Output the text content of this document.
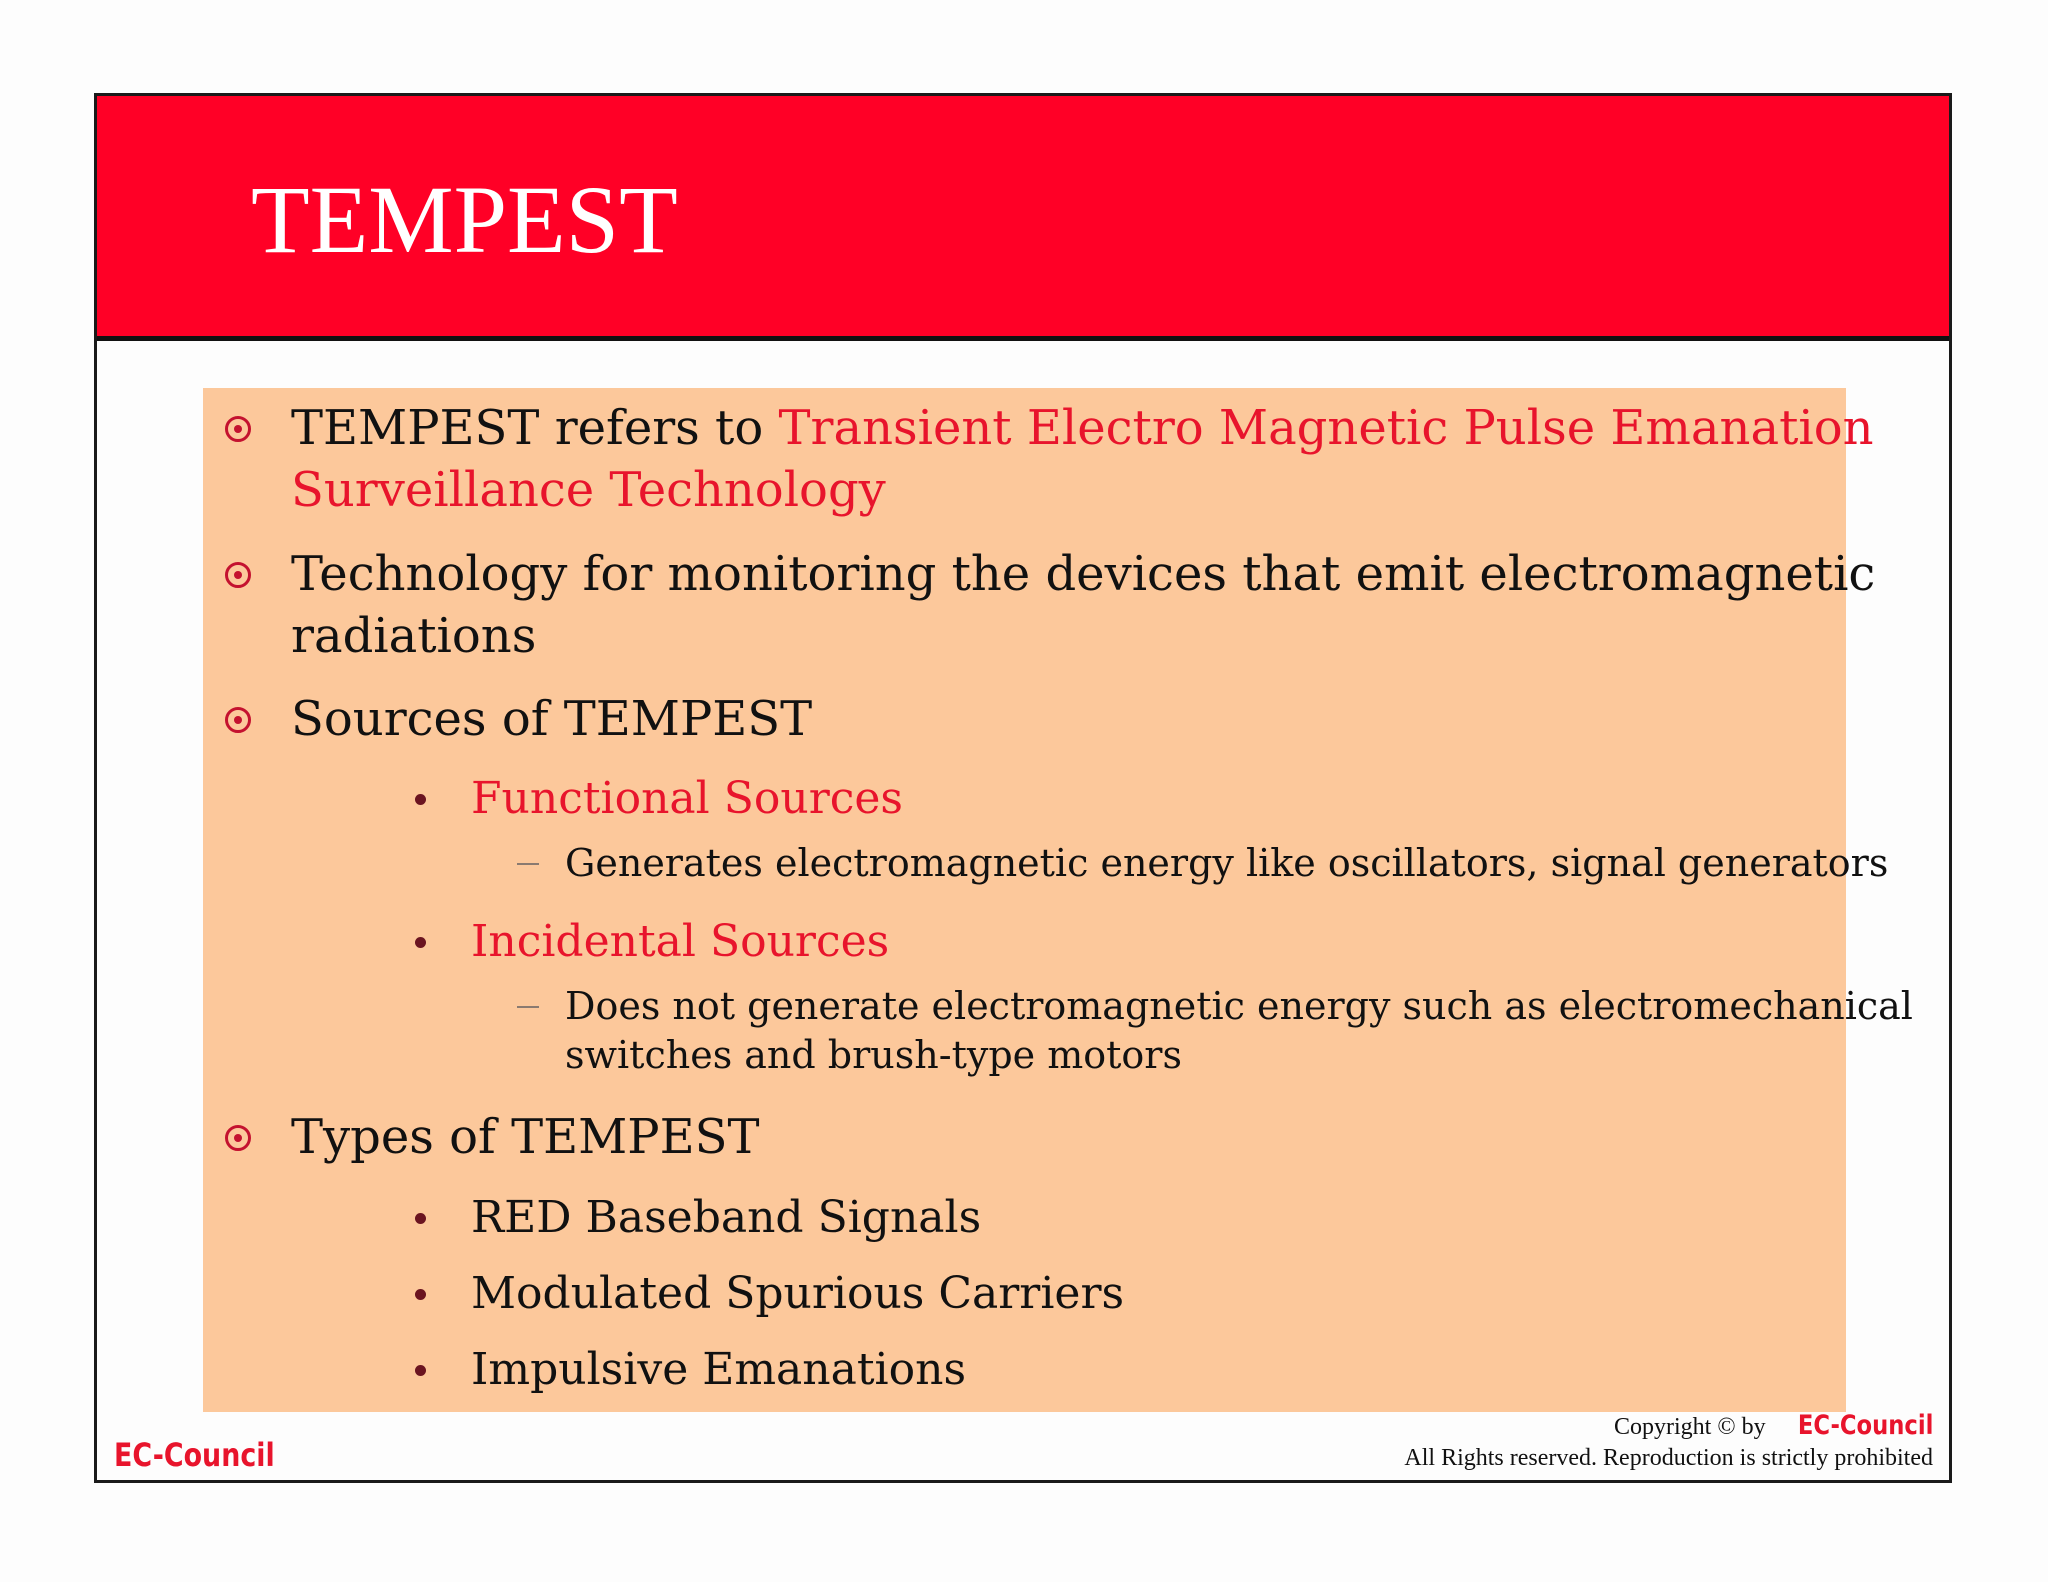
TEMPEST
TEMPEST refers to Transient Electro Magnetic Pulse Emanation
Surveillance Technology
Technology for monitoring the devices that emit electromagnetic
radiations
Sources of TEMPEST
Functional Sources
Generates electromagnetic energy like oscillators, signal generators
Incidental Sources
Does not generate electromagnetic energy such as electromechanical
switches and brush-type motors
Types of TEMPEST
RED Baseband Signals
Modulated Spurious Carriers
Impulsive Emanations
EC-Council
Copyright © by EC-Council
All Rights reserved. Reproduction is strictly prohibited
